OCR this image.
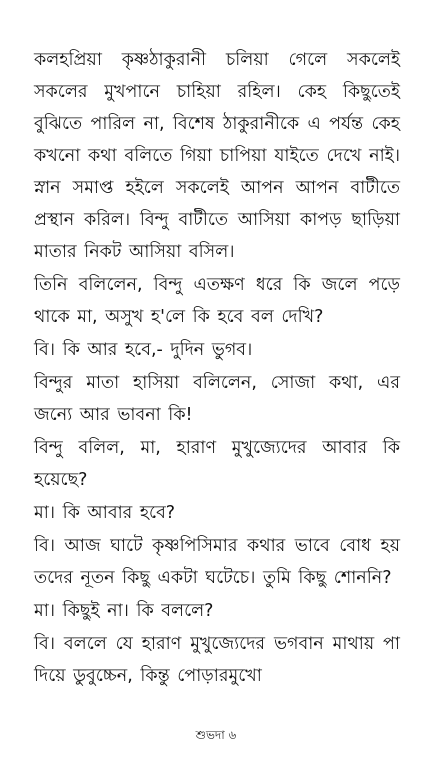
কলহপ্রিয়া কৃষ্ণঠাকুরানী চলিয়া গেলে সকলেই সকলের মুখপানে চাহিয়া রহিল। কেহ কিছুতেই বুঝিতে পারিল না, বিশেষ ঠাকুরানীকে এ পর্যন্ত কেহ কখনো কথা বলিতে গিয়া চাপিয়া যাইতে দেখে নাই। স্নান সমাপ্ত হইলে সকলেই আপন আপন বাটীতে প্রস্থান করিল। বিন্দু বাটীতে আসিয়া কাপড় ছাড়িয়া মাতার নিকট আসিয়া বসিল।

তিনি বলিলেন, বিন্দু এতক্ষণ ধরে কি জলে পড়ে থাকে মা, অসুখ হ'লে কি হবে বল দেখি?

বি। কি আর হবে,- দুদিন ভুগব।

বিন্দুর মাতা হাসিয়া বলিলেন, সোজা কথা, এর জন্যে আর ভাবনা কি!

বিন্দু বলিল, মা, হারাণ মুখুজ্যেদের আবার কি হয়েছে?

মা। কি আবার হবে?

বি। আজ ঘাটে কৃষ্ণপিসিমার কথার ভাবে বোধ হয় তদের নূতন কিছু একটা ঘটেচে। তুমি কিছু শোননি?

মা। কিছুই না। কি বললে?

বি। বললে যে হারাণ মুখুজ্যেদের ভগবান মাথায় পা দিয়ে ডুবুচ্চেন, কিন্তু পোড়ারমুখো

শুভদা ৬
